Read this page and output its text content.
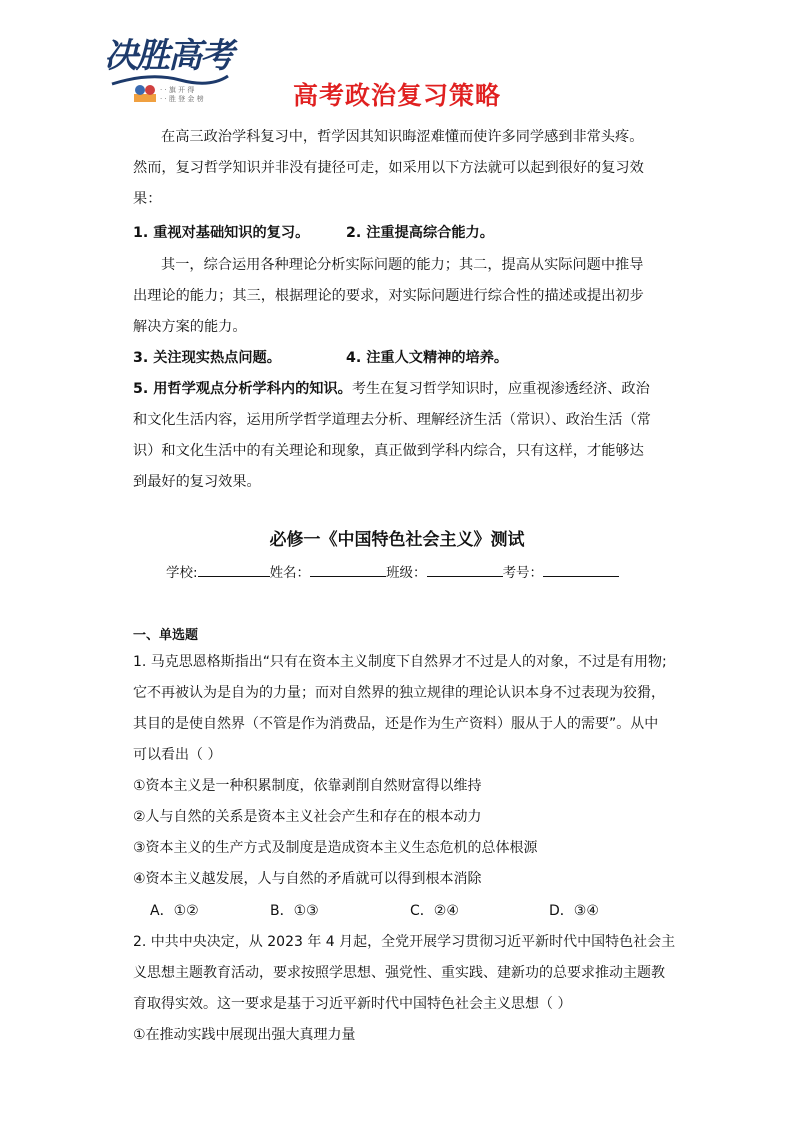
决胜高考
· · 旗 开 得
· · 胜 登 金 榜	高考政治复习策略
在高三政治学科复习中，哲学因其知识晦涩难懂而使许多同学感到非常头疼。
然而，复习哲学知识并非没有捷径可走，如采用以下方法就可以起到很好的复习效
果：
1. 重视对基础知识的复习。	2. 注重提高综合能力。
其一，综合运用各种理论分析实际问题的能力；其二，提高从实际问题中推导
出理论的能力；其三，根据理论的要求，对实际问题进行综合性的描述或提出初步
解决方案的能力。
3. 关注现实热点问题。	4. 注重人文精神的培养。
5. 用哲学观点分析学科内的知识。考生在复习哲学知识时，应重视渗透经济、政治
和文化生活内容，运用所学哲学道理去分析、理解经济生活（常识）、政治生活（常
识）和文化生活中的有关理论和现象，真正做到学科内综合，只有这样，才能够达
到最好的复习效果。
必修一《中国特色社会主义》测试
学校:	姓名：	班级：	考号：
一、单选题
1. 马克思恩格斯指出“只有在资本主义制度下自然界才不过是人的对象，不过是有用物;
它不再被认为是自为的力量；而对自然界的独立规律的理论认识本身不过表现为狡猾，
其目的是使自然界（不管是作为消费品，还是作为生产资料）服从于人的需要”。从中
可以看出（ ）
①资本主义是一种积累制度，依靠剥削自然财富得以维持
②人与自然的关系是资本主义社会产生和存在的根本动力
③资本主义的生产方式及制度是造成资本主义生态危机的总体根源
④资本主义越发展，人与自然的矛盾就可以得到根本消除
A．①②	B．①③	C．②④	D．③④
2. 中共中央决定，从 2023 年 4 月起，全党开展学习贯彻习近平新时代中国特色社会主
义思想主题教育活动，要求按照学思想、强党性、重实践、建新功的总要求推动主题教
育取得实效。这一要求是基于习近平新时代中国特色社会主义思想（ ）
①在推动实践中展现出强大真理力量
